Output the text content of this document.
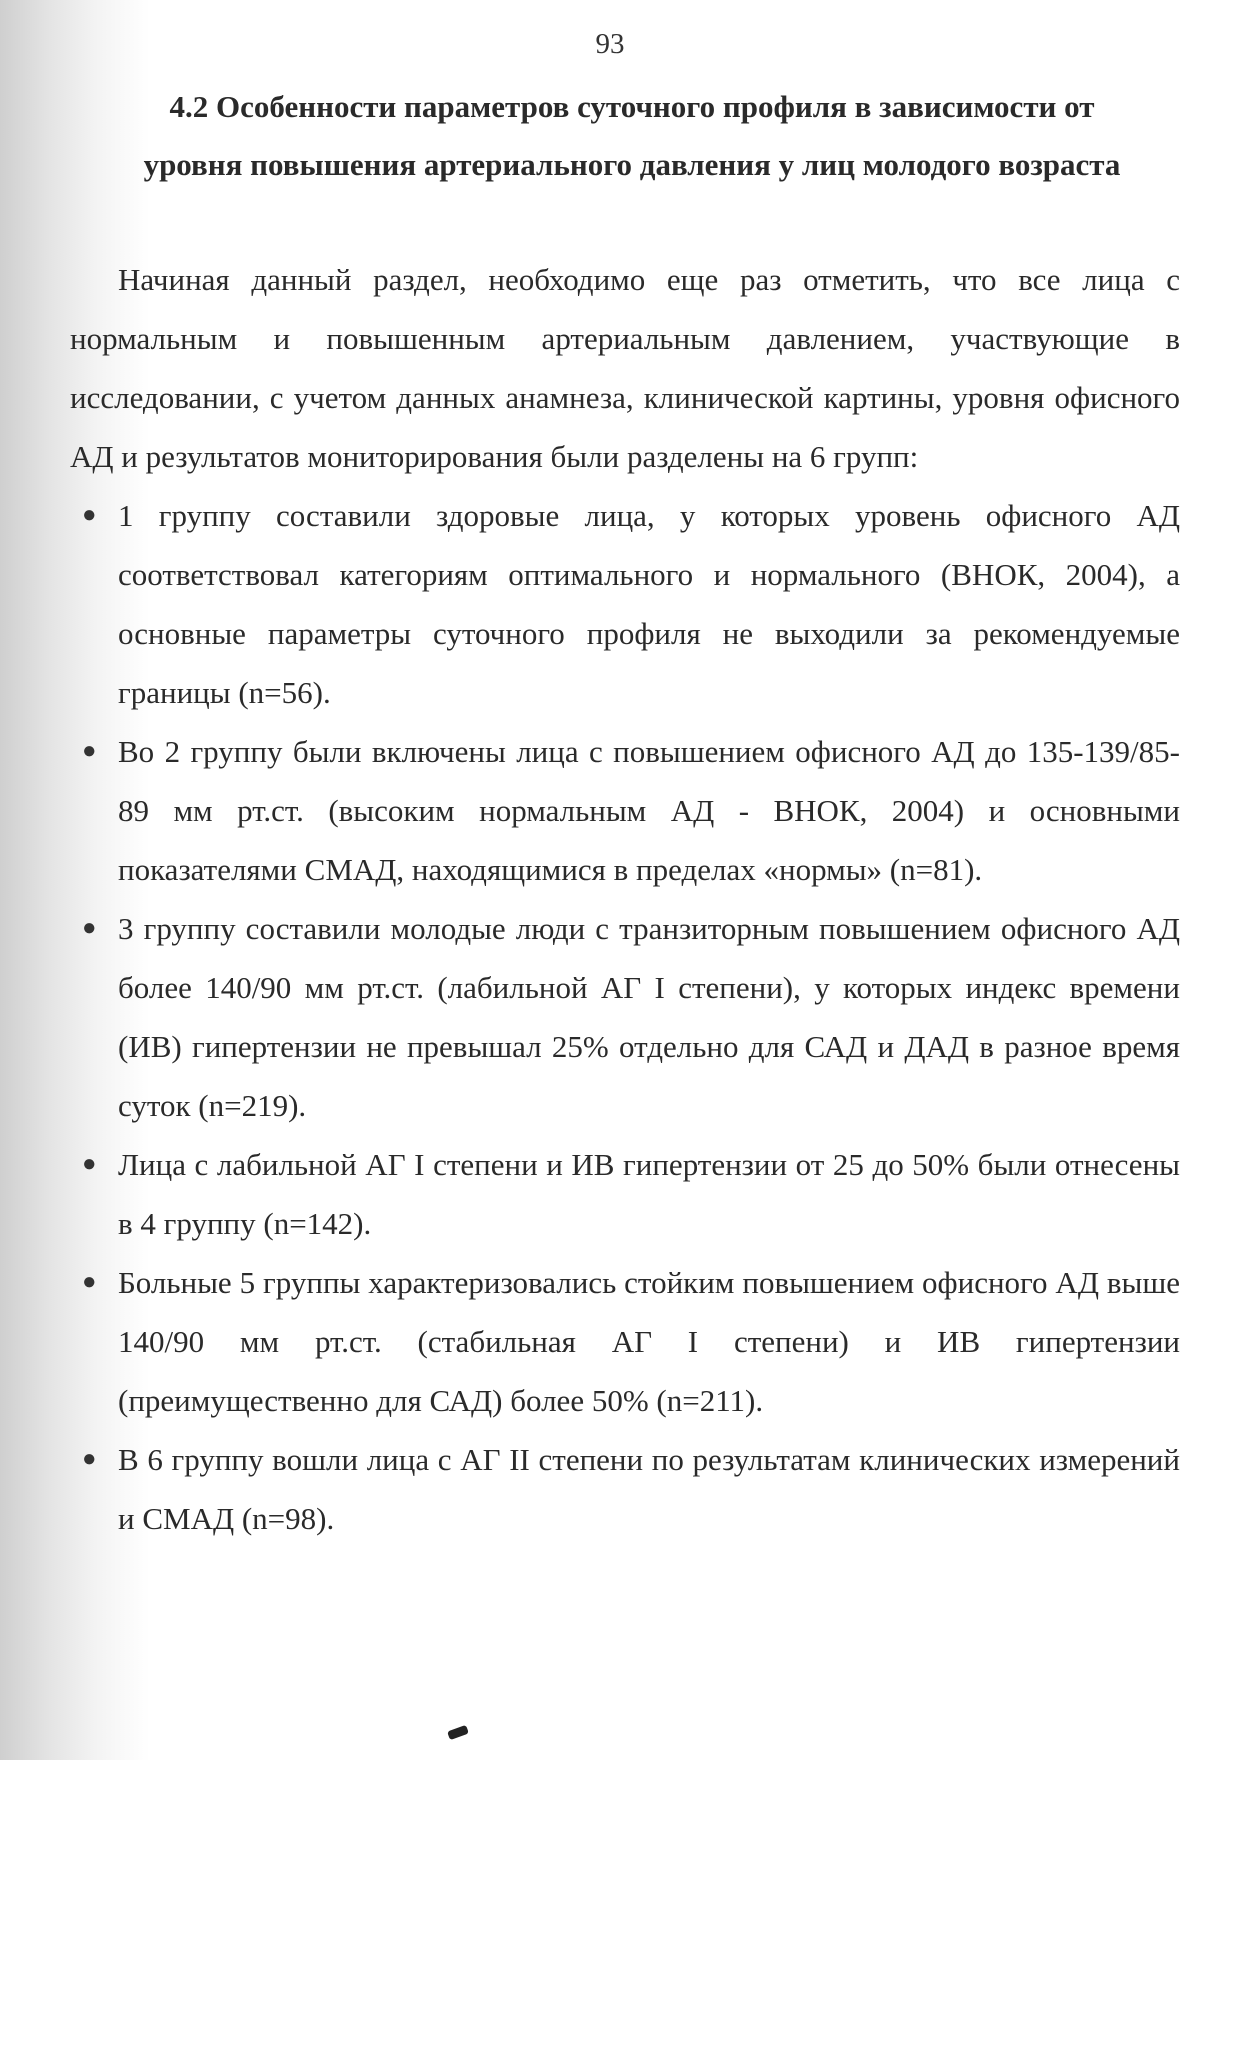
93
4.2 Особенности параметров суточного профиля в зависимости от
уровня повышения артериального давления у лиц молодого возраста
Начиная данный раздел, необходимо еще раз отметить, что все лица с нормальным и повышенным артериальным давлением, участвующие в исследовании, с учетом данных анамнеза, клинической картины, уровня офисного АД и результатов мониторирования были разделены на 6 групп:
● 1 группу составили здоровые лица, у которых уровень офисного АД соответствовал категориям оптимального и нормального (ВНОК, 2004), а основные параметры суточного профиля не выходили за рекомендуемые границы (n=56).
● Во 2 группу были включены лица с повышением офисного АД до 135-139/85-89 мм рт.ст. (высоким нормальным АД - ВНОК, 2004) и основными показателями СМАД, находящимися в пределах «нормы» (n=81).
● 3 группу составили молодые люди с транзиторным повышением офисного АД более 140/90 мм рт.ст. (лабильной АГ I степени), у которых индекс времени (ИВ) гипертензии не превышал 25% отдельно для САД и ДАД в разное время суток (n=219).
● Лица с лабильной АГ I степени и ИВ гипертензии от 25 до 50% были отнесены в 4 группу (n=142).
● Больные 5 группы характеризовались стойким повышением офисного АД выше 140/90 мм рт.ст. (стабильная АГ I степени) и ИВ гипертензии (преимущественно для САД) более 50% (n=211).
● В 6 группу вошли лица с АГ II степени по результатам клинических измерений и СМАД (n=98).
